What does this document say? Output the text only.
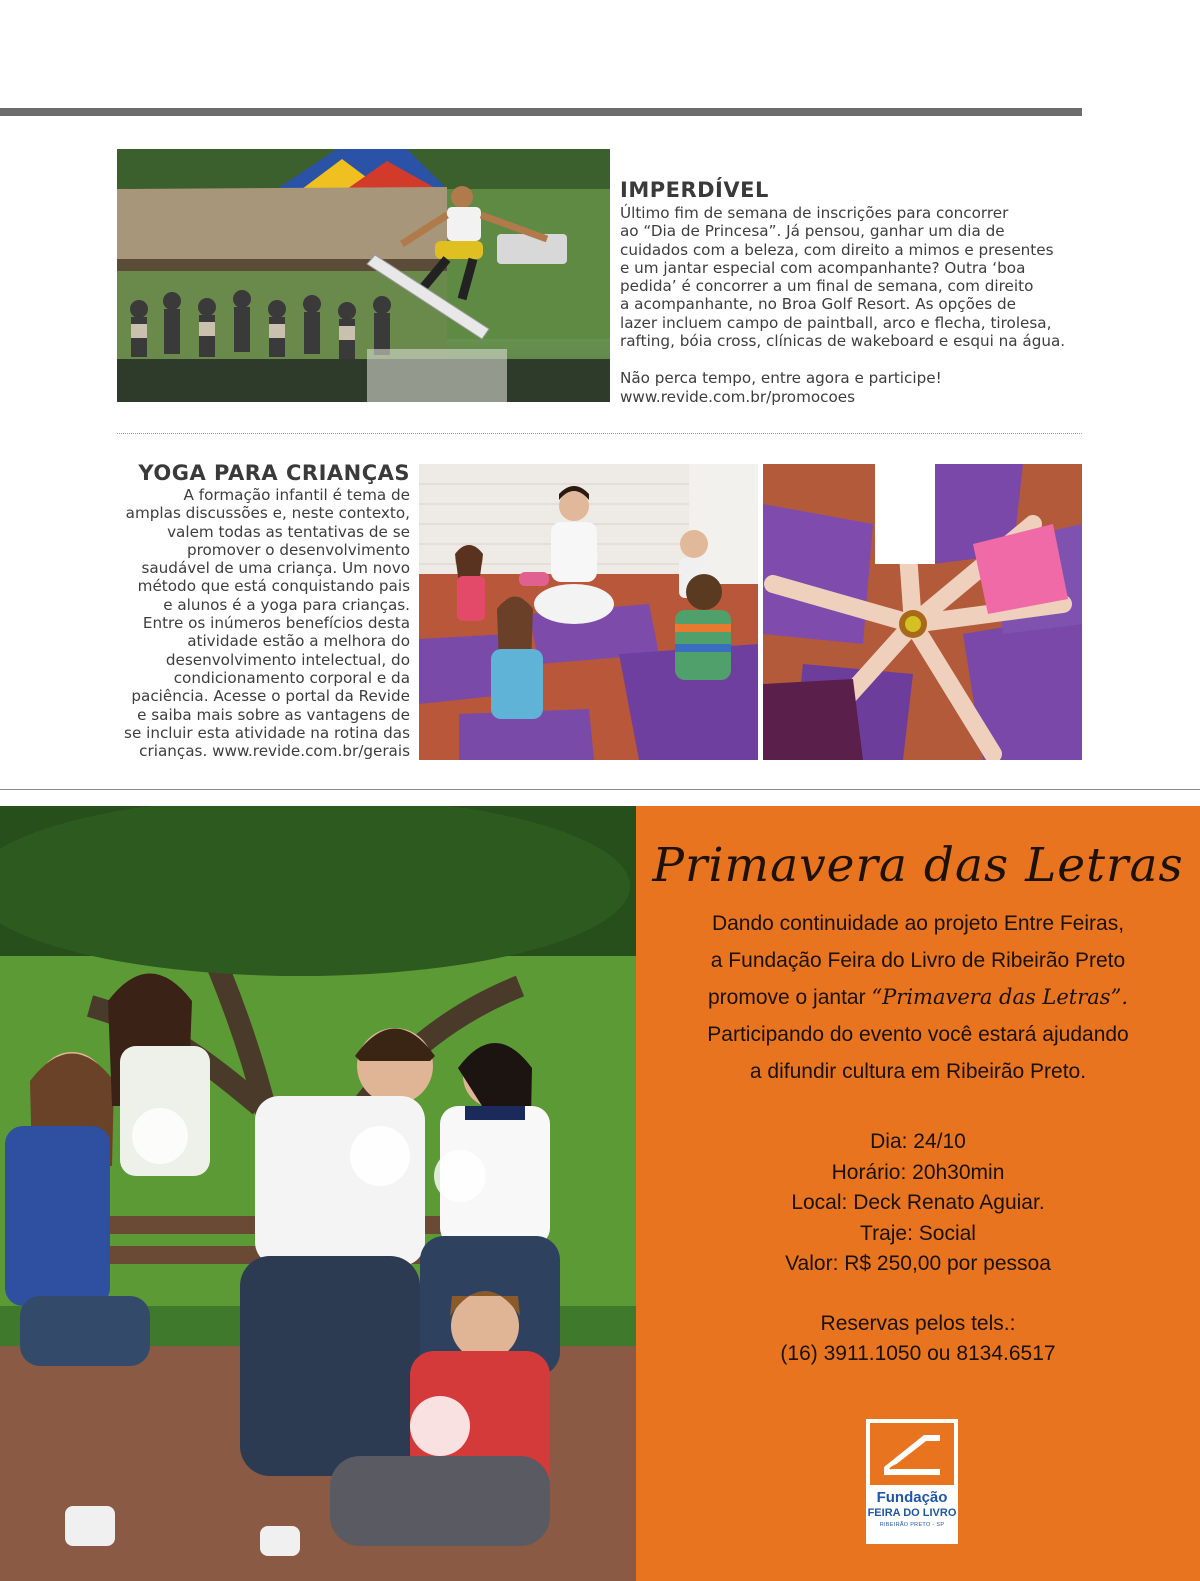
IMPERDÍVEL

Último fim de semana de inscrições para concorrer

ao “Dia de Princesa”. Já pensou, ganhar um dia de

cuidados com a beleza, com direito a mimos e presentes

e um jantar especial com acompanhante? Outra ‘boa

pedida’ é concorrer a um final de semana, com direito

a acompanhante, no Broa Golf Resort. As opções de

lazer incluem campo de paintball, arco e flecha, tirolesa,

rafting, bóia cross, clínicas de wakeboard e esqui na água.

Não perca tempo, entre agora e participe!
www.revide.com.br/promocoes
YOGA PARA CRIANÇAS
A formação infantil é tema de
amplas discussões e, neste contexto,
valem todas as tentativas de se
promover o desenvolvimento
saudável de uma criança. Um novo
método que está conquistando pais
e alunos é a yoga para crianças.
Entre os inúmeros benefícios desta
atividade estão a melhora do
desenvolvimento intelectual, do
condicionamento corporal e da
paciência. Acesse o portal da Revide
e saiba mais sobre as vantagens de
se incluir esta atividade na rotina das
crianças. www.revide.com.br/gerais
Primavera das Letras

Dando continuidade ao projeto Entre Feiras,

a Fundação Feira do Livro de Ribeirão Preto

promove o jantar “Primavera das Letras”.

Participando do evento você estará ajudando

a difundir cultura em Ribeirão Preto.

Dia: 24/10

Horário: 20h30min

Local: Deck Renato Aguiar.

Traje: Social

Valor: R$ 250,00 por pessoa

Reservas pelos tels.:

(16) 3911.1050 ou 8134.6517

Fundação
FEIRA DO LIVRO
RIBEIRÃO PRETO - SP
